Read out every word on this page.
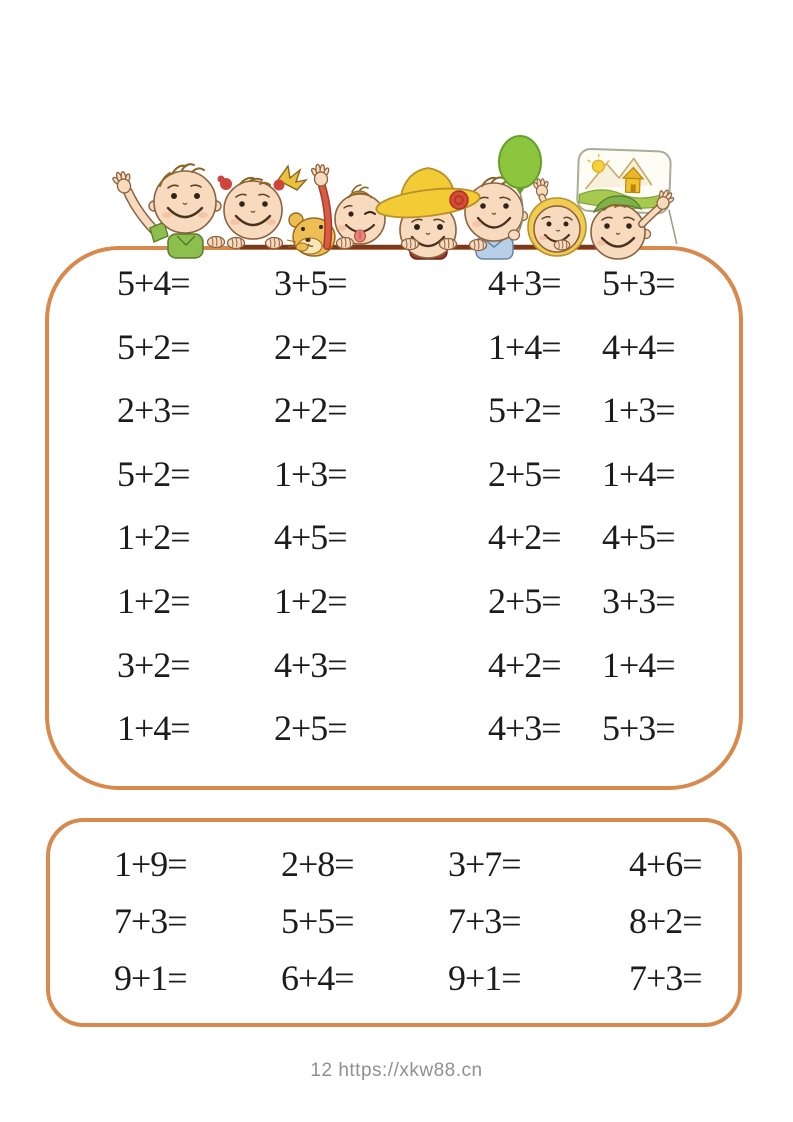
5+4= 3+5=	4+3= 5+3=
5+2= 2+2=	1+4= 4+4=
2+3= 2+2=	5+2= 1+3=
5+2= 1+3=	2+5= 1+4=
1+2= 4+5=	4+2= 4+5=
1+2= 1+2=	2+5= 3+3=
3+2= 4+3=	4+2= 1+4=
1+4= 2+5=	4+3= 5+3=
1+9=	2+8=	3+7=	4+6=
7+3=	5+5=	7+3=	8+2=
9+1=	6+4=	9+1=	7+3=
12 https://xkw88.cn
